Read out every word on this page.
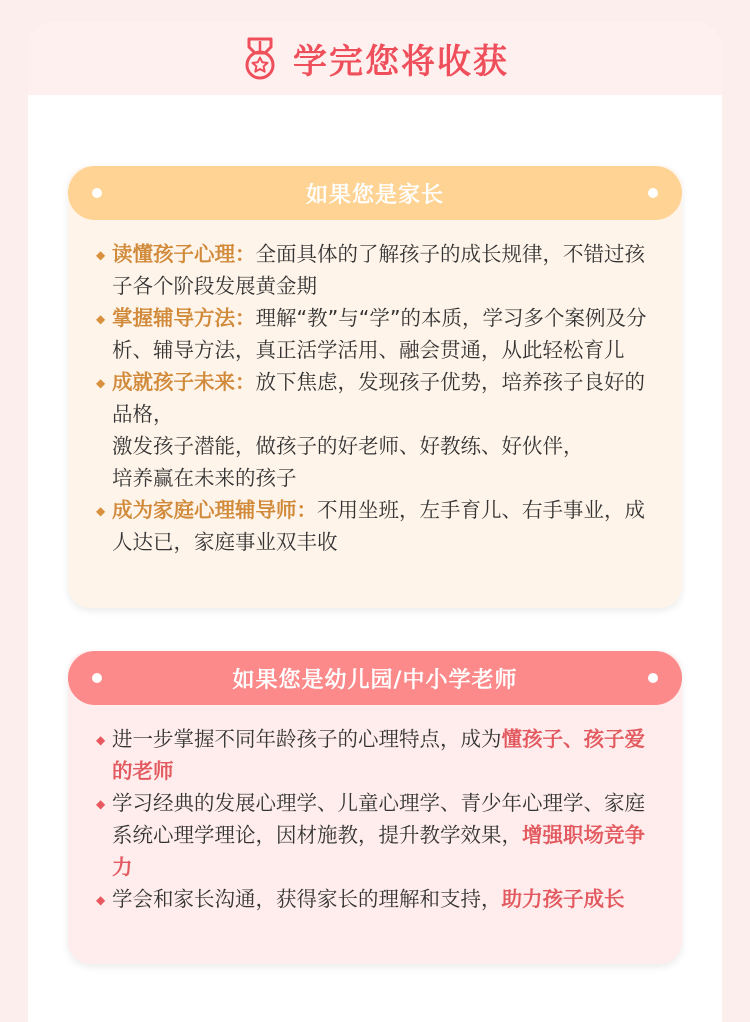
学完您将收获
如果您是家长
◆ 读懂孩子心理：全面具体的了解孩子的成长规律，不错过孩子各个阶段发展黄金期
◆ 掌握辅导方法：理解“教”与“学”的本质，学习多个案例及分析、辅导方法，真正活学活用、融会贯通，从此轻松育儿
◆ 成就孩子未来：放下焦虑，发现孩子优势，培养孩子良好的品格，
激发孩子潜能，做孩子的好老师、好教练、好伙伴，
培养赢在未来的孩子
◆ 成为家庭心理辅导师：不用坐班，左手育儿、右手事业，成人达已，家庭事业双丰收
如果您是幼儿园/中小学老师
◆ 进一步掌握不同年龄孩子的心理特点，成为懂孩子、孩子爱的老师
◆ 学习经典的发展心理学、儿童心理学、青少年心理学、家庭系统心理学理论，因材施教，提升教学效果，增强职场竞争力
◆ 学会和家长沟通，获得家长的理解和支持，助力孩子成长
